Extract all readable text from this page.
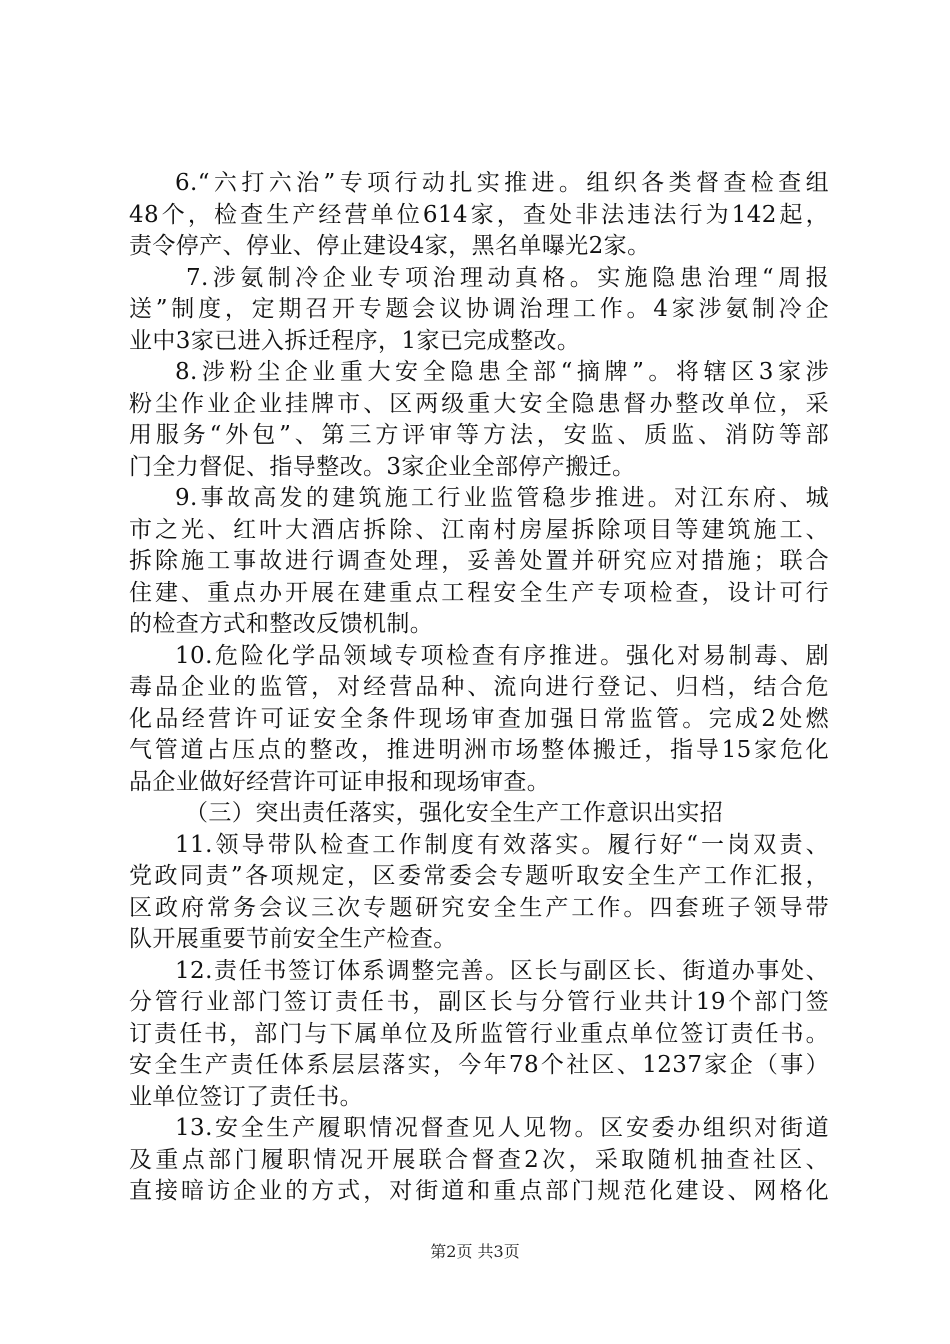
6.“六打六治”专项行动扎实推进。组织各类督查检查组
48个，检查生产经营单位614家，查处非法违法行为142起，
责令停产、停业、停止建设4家，黑名单曝光2家。
7.涉氨制冷企业专项治理动真格。实施隐患治理“周报
送”制度，定期召开专题会议协调治理工作。4家涉氨制冷企
业中3家已进入拆迁程序，1家已完成整改。
8.涉粉尘企业重大安全隐患全部“摘牌”。将辖区3家涉
粉尘作业企业挂牌市、区两级重大安全隐患督办整改单位，采
用服务“外包”、第三方评审等方法，安监、质监、消防等部
门全力督促、指导整改。3家企业全部停产搬迁。
9.事故高发的建筑施工行业监管稳步推进。对江东府、城
市之光、红叶大酒店拆除、江南村房屋拆除项目等建筑施工、
拆除施工事故进行调查处理，妥善处置并研究应对措施；联合
住建、重点办开展在建重点工程安全生产专项检查，设计可行
的检查方式和整改反馈机制。
10.危险化学品领域专项检查有序推进。强化对易制毒、剧
毒品企业的监管，对经营品种、流向进行登记、归档，结合危
化品经营许可证安全条件现场审查加强日常监管。完成2处燃
气管道占压点的整改，推进明洲市场整体搬迁，指导15家危化
品企业做好经营许可证申报和现场审查。
（三）突出责任落实，强化安全生产工作意识出实招
11.领导带队检查工作制度有效落实。履行好“一岗双责、
党政同责”各项规定，区委常委会专题听取安全生产工作汇报，
区政府常务会议三次专题研究安全生产工作。四套班子领导带
队开展重要节前安全生产检查。
12.责任书签订体系调整完善。区长与副区长、街道办事处、
分管行业部门签订责任书，副区长与分管行业共计19个部门签
订责任书，部门与下属单位及所监管行业重点单位签订责任书。
安全生产责任体系层层落实，今年78个社区、1237家企（事）
业单位签订了责任书。
13.安全生产履职情况督查见人见物。区安委办组织对街道
及重点部门履职情况开展联合督查2次，采取随机抽查社区、
直接暗访企业的方式，对街道和重点部门规范化建设、网格化
第2页 共3页
